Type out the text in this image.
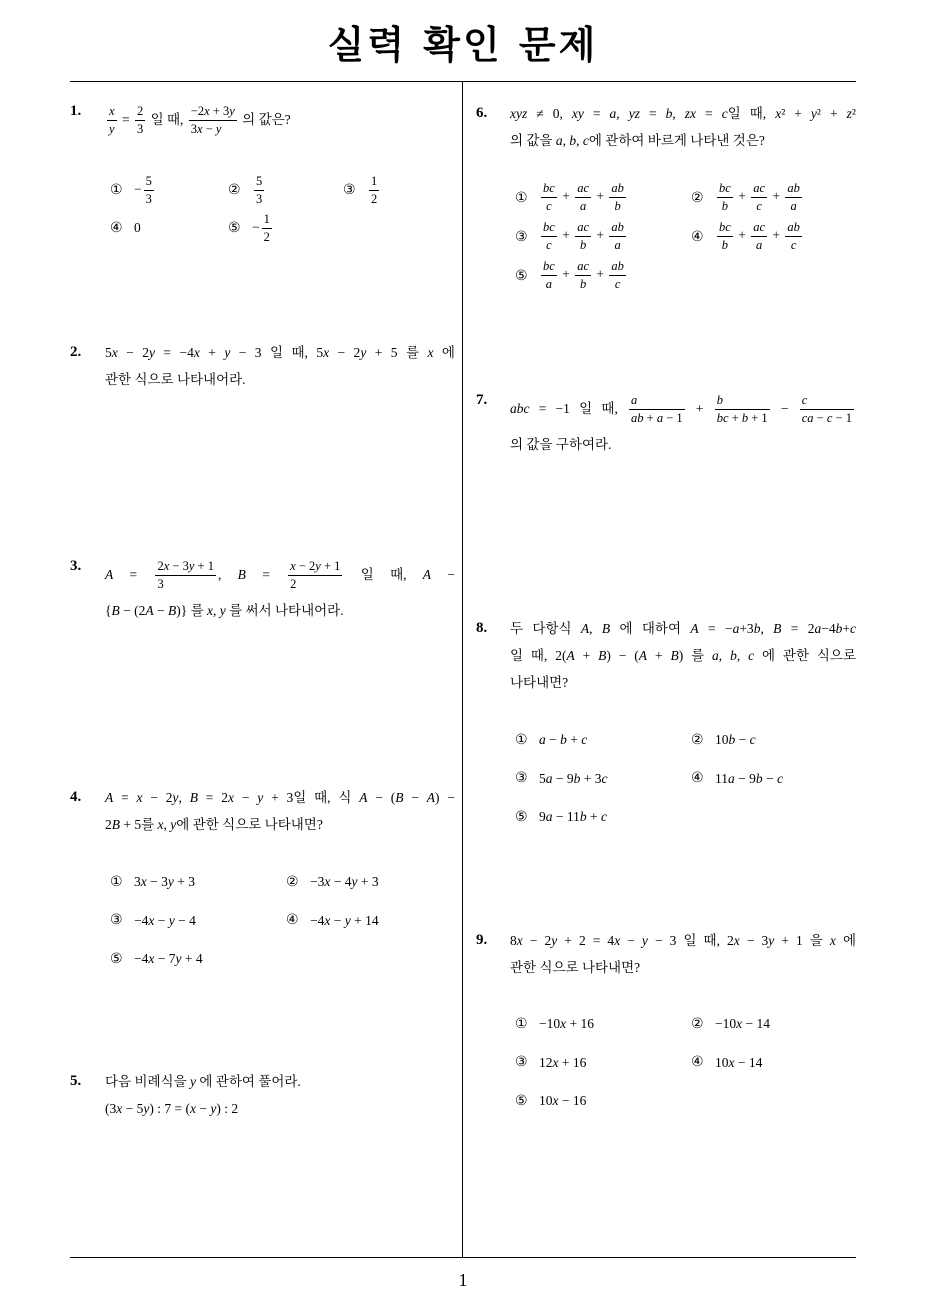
실력 확인 문제
1. $\frac{x}{y} = \frac{2}{3}$ 일 때, $\frac{-2x + 3y}{3x - y}$ 의 값은?
① − $\frac{5}{3}$	②	$\frac{5}{3}$	③	$\frac{1}{2}$
④ 0	⑤ − $\frac{1}{2}$
2. 5x − 2y = −4x + y − 3 일 때, 5x − 2y + 5 를 x 에
관한 식으로 나타내어라.
3.
$A = \frac{2x - 3y + 1}{3}$ , $B = \frac{x - 2y + 1}{2}$ 일 때, A −
{B − (2A − B)} 를 x, y 를 써서 나타내어라.
4. A = x − 2y, B = 2x − y + 3일 때, 식 A − (B − A) −
2B + 5를 x, y에 관한 식으로 나타내면?
① 3x − 3y + 3	② −3x − 4y + 3
③ −4x − y − 4	④ −4x − y + 14
⑤ −4x − 7y + 4
5. 다음 비례식을 y 에 관하여 풀어라.
(3x − 5y) : 7 = (x − y) : 2
6. xyz ≠ 0, xy = a, yz = b, zx = c일 때, x² + y² + z²
의 값을 a, b, c에 관하여 바르게 나타낸 것은?
①	$\frac{bc}{c} + \frac{ac}{a} + \frac{ab}{b}$	②	$\frac{bc}{b} + \frac{ac}{c} + \frac{ab}{a}$
③	$\frac{bc}{c} + \frac{ac}{b} + \frac{ab}{a}$	④	$\frac{bc}{b} + \frac{ac}{a} + \frac{ab}{c}$
⑤	$\frac{bc}{a} + \frac{ac}{b} + \frac{ab}{c}$
7.
abc = −1 일 때, $\frac{a}{ab + a - 1} + \frac{b}{bc + b + 1} - \frac{c}{ca - c - 1}$
의 값을 구하여라.
8. 두 다항식 A, B 에 대하여 A = −a+3b, B = 2a−4b+c
일 때, 2(A + B) − (A + B) 를 a, b, c 에 관한 식으로
나타내면?
① a − b + c	② 10b − c
③ 5a − 9b + 3c	④ 11a − 9b − c
⑤ 9a − 11b + c
9. 8x − 2y + 2 = 4x − y − 3 일 때, 2x − 3y + 1 을 x 에
관한 식으로 나타내면?
① −10x + 16	② −10x − 14
③ 12x + 16	④ 10x − 14
⑤ 10x − 16
1
